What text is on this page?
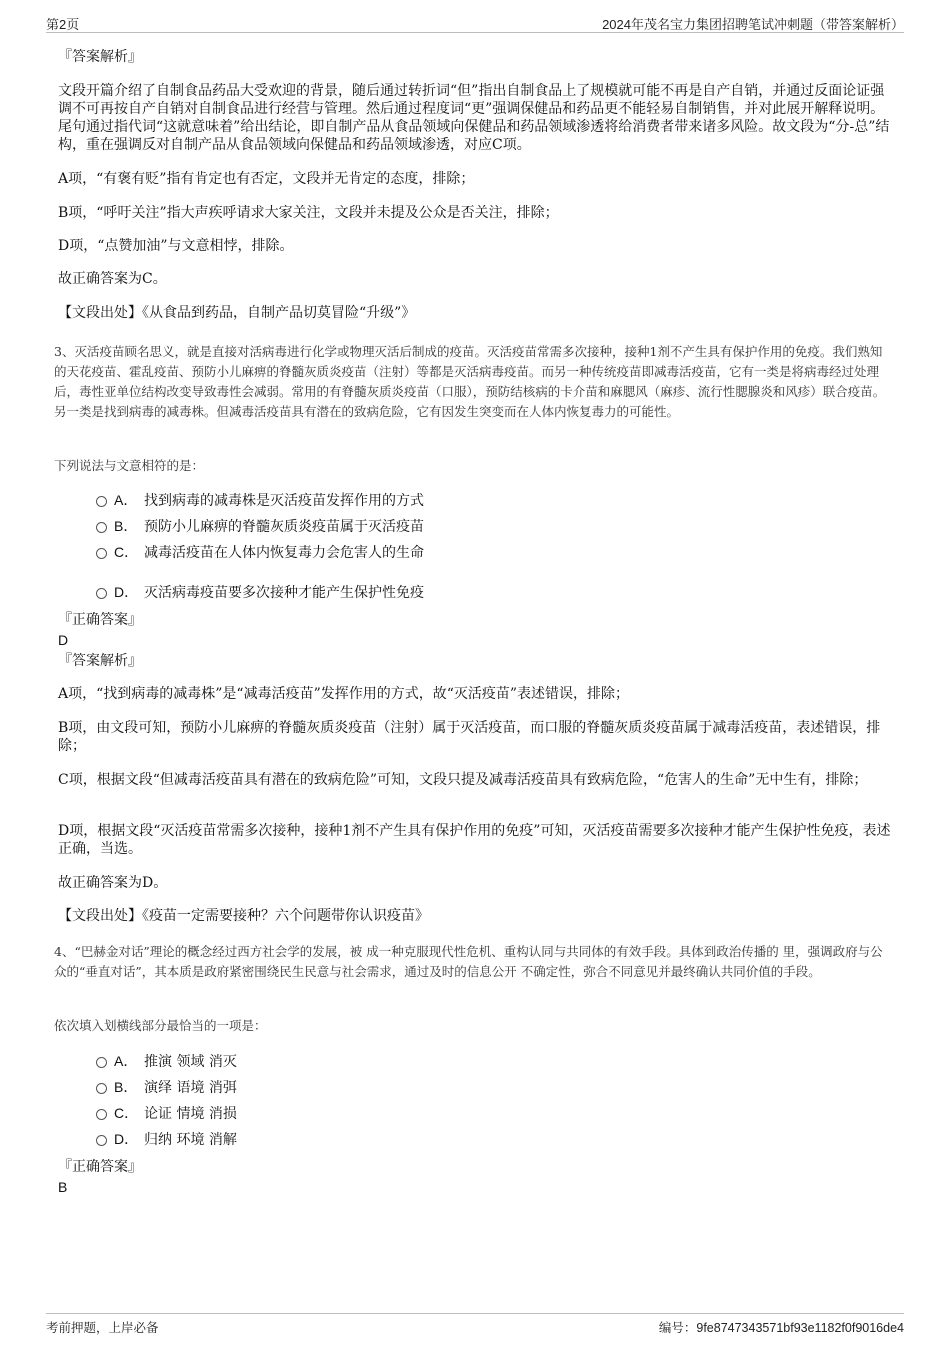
第2页	2024年茂名宝力集团招聘笔试冲刺题（带答案解析）
『答案解析』
文段开篇介绍了自制食品药品大受欢迎的背景，随后通过转折词“但”指出自制食品上了规模就可能不再是自产自销，并通过反面论证强调不可再按自产自销对自制食品进行经营与管理。然后通过程度词“更”强调保健品和药品更不能轻易自制销售，并对此展开解释说明。尾句通过指代词“这就意味着”给出结论，即自制产品从食品领域向保健品和药品领域渗透将给消费者带来诸多风险。故文段为“分-总”结构，重在强调反对自制产品从食品领域向保健品和药品领域渗透，对应C项。
A项，“有褒有贬”指有肯定也有否定，文段并无肯定的态度，排除；
B项，“呼吁关注”指大声疾呼请求大家关注，文段并未提及公众是否关注，排除；
D项，“点赞加油”与文意相悖，排除。
故正确答案为C。
【文段出处】《从食品到药品，自制产品切莫冒险“升级”》
3、灭活疫苗顾名思义，就是直接对活病毒进行化学或物理灭活后制成的疫苗。灭活疫苗常需多次接种，接种1剂不产生具有保护作用的免疫。我们熟知的天花疫苗、霍乱疫苗、预防小儿麻痹的脊髓灰质炎疫苗（注射）等都是灭活病毒疫苗。而另一种传统疫苗即减毒活疫苗，它有一类是将病毒经过处理后，毒性亚单位结构改变导致毒性会减弱。常用的有脊髓灰质炎疫苗（口服），预防结核病的卡介苗和麻腮风（麻疹、流行性腮腺炎和风疹）联合疫苗。另一类是找到病毒的减毒株。但减毒活疫苗具有潜在的致病危险，它有因发生突变而在人体内恢复毒力的可能性。
下列说法与文意相符的是：
A． 找到病毒的减毒株是灭活疫苗发挥作用的方式
B． 预防小儿麻痹的脊髓灰质炎疫苗属于灭活疫苗
C． 减毒活疫苗在人体内恢复毒力会危害人的生命
D． 灭活病毒疫苗要多次接种才能产生保护性免疫
『正确答案』
D
『答案解析』
A项，“找到病毒的减毒株”是“减毒活疫苗”发挥作用的方式，故“灭活疫苗”表述错误，排除；
B项，由文段可知，预防小儿麻痹的脊髓灰质炎疫苗（注射）属于灭活疫苗，而口服的脊髓灰质炎疫苗属于减毒活疫苗，表述错误，排除；
C项，根据文段“但减毒活疫苗具有潜在的致病危险”可知，文段只提及减毒活疫苗具有致病危险，“危害人的生命”无中生有，排除；
D项，根据文段“灭活疫苗常需多次接种，接种1剂不产生具有保护作用的免疫”可知，灭活疫苗需要多次接种才能产生保护性免疫，表述正确，当选。
故正确答案为D。
【文段出处】《疫苗一定需要接种？六个问题带你认识疫苗》
4、“巴赫金对话”理论的概念经过西方社会学的发展，被 成一种克服现代性危机、重构认同与共同体的有效手段。具体到政治传播的 里，强调政府与公众的“垂直对话”，其本质是政府紧密围绕民生民意与社会需求，通过及时的信息公开 不确定性，弥合不同意见并最终确认共同价值的手段。
依次填入划横线部分最恰当的一项是：
A． 推演 领域 消灭
B． 演绎 语境 消弭
C． 论证 情境 消损
D． 归纳 环境 消解
『正确答案』
B
考前押题，上岸必备	编号：9fe8747343571bf93e1182f0f9016de4
